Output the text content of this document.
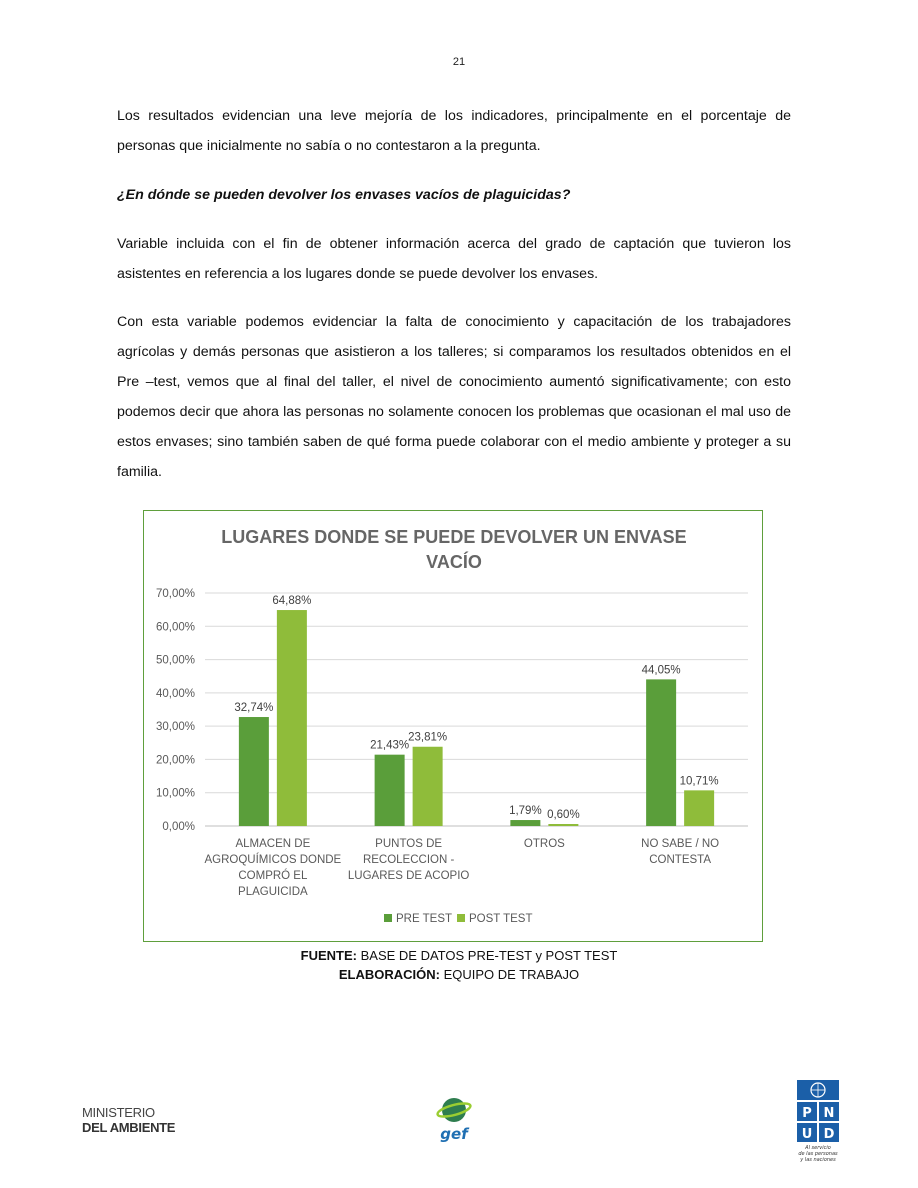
21

Los resultados evidencian una leve mejoría de los indicadores, principalmente en el porcentaje de personas que inicialmente no sabía o no contestaron a la pregunta.

¿En dónde se pueden devolver los envases vacíos de plaguicidas?

Variable incluida con el fin de obtener información acerca del grado de captación que tuvieron los asistentes en referencia a los lugares donde se puede devolver los envases.

Con esta variable podemos evidenciar la falta de conocimiento y capacitación de los trabajadores agrícolas y demás personas que asistieron a los talleres; si comparamos los resultados obtenidos en el Pre –test, vemos que al final del taller, el nivel de conocimiento aumentó significativamente; con esto podemos decir que ahora las personas no solamente conocen los problemas que ocasionan el mal uso de estos envases; sino también saben de qué forma puede colaborar con el medio ambiente y proteger a su familia.

LUGARES DONDE SE PUEDE DEVOLVER UN ENVASE
VACÍO
0,00%
10,00%
20,00%
30,00%
40,00%
50,00%
60,00%
70,00%
32,74%
21,43%
1,79%
44,05%
64,88%
23,81%
0,60%
10,71%
ALMACEN DE
AGROQUÍMICOS DONDE
COMPRÓ EL
PLAGUICIDA
PUNTOS DE
RECOLECCION -
LUGARES DE ACOPIO
OTROS	NO SABE / NO
CONTESTA
PRE TEST POST TEST
FUENTE: BASE DE DATOS PRE-TEST y POST TEST
ELABORACIÓN: EQUIPO DE TRABAJO
MINISTERIO
DEL AMBIENTE	gef
P N
U D
Al servicio
de las personas
y las naciones
